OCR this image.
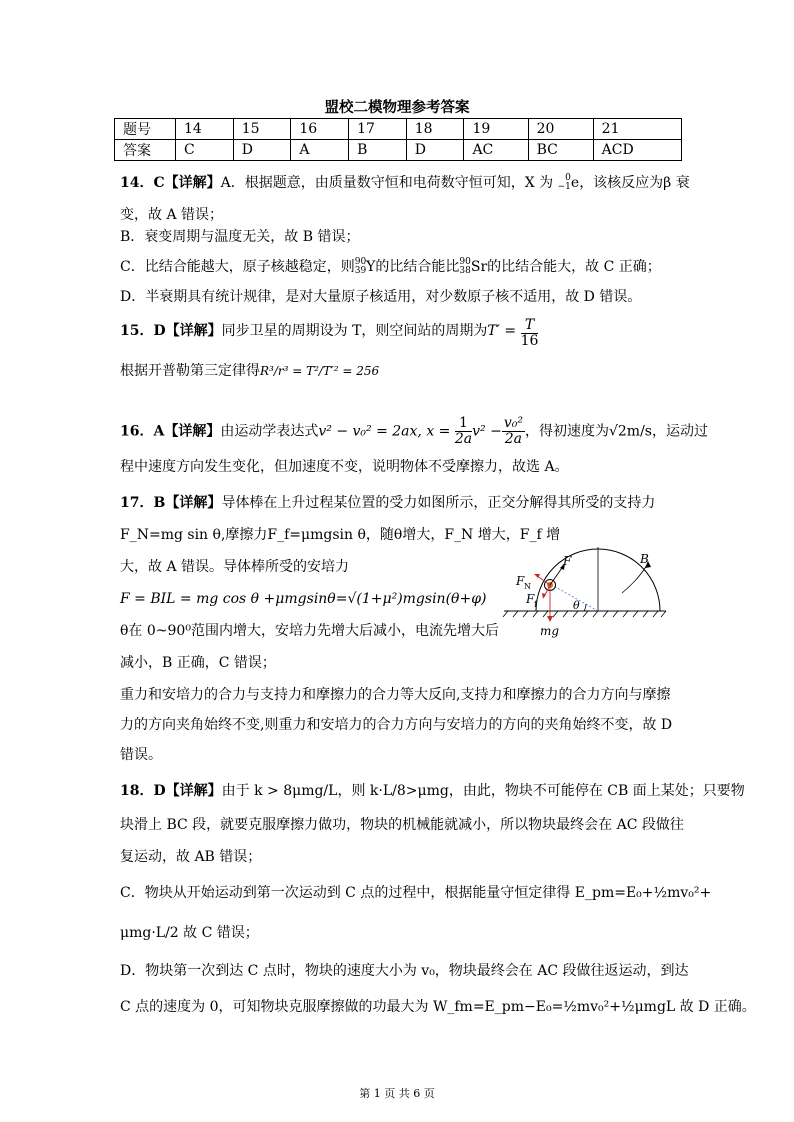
盟校二模物理参考答案
题号	14	15	16	17	18	19	20	21
答案	C	D	A	B	D	AC	BC	ACD
14．C【详解】A．根据题意，由质量数守恒和电荷数守恒可知，X 为	0
−1 e，该核反应为β 衰
变，故 A 错误；
B．衰变周期与温度无关，故 B 错误；
C．比结合能越大，原子核越稳定，则 90
39 Y的比结合能比 90
38 Sr的比结合能大，故 C 正确；
D．半衰期具有统计规律，是对大量原子核适用，对少数原子核不适用，故 D 错误。
15．D【详解】同步卫星的周期设为 T，则空间站的周期为$T' = \frac{T}{16}$
根据开普勒第三定律得R³/r³ = T²/T′² = 256
16．A【详解】由运动学表达式v² − v₀² = 2ax, $x = \frac{1}{2a} v^2 - \frac{\text{v₀²}}{2a}$ ，得初速度为√2m/s，运动过
程中速度方向发生变化，但加速度不变，说明物体不受摩擦力，故选 A。
17．B【详解】导体棒在上升过程某位置的受力如图所示，正交分解得其所受的支持力
F_N=mg sin θ,摩擦力F_f=μmgsin θ，随θ增大，F_N 增大，F_f 增
大，故 A 错误。导体棒所受的安培力
F = BIL = mg cos θ +μmgsinθ=√(1+μ²)mgsin(θ+φ)
θ在 0~90⁰范围内增大，安培力先增大后减小，电流先增大后
减小，B 正确，C 错误；
重力和安培力的合力与支持力和摩擦力的合力等大反向,支持力和摩擦力的合力方向与摩擦
力的方向夹角始终不变,则重力和安培力的合力方向与安培力的方向的夹角始终不变，故 D
错误。
F	B
F N
F f	θ
mg
18．D【详解】由于 k > 8μmg/L，则 k·L/8>μmg，由此，物块不可能停在 CB 面上某处；只要物
块滑上 BC 段，就要克服摩擦力做功，物块的机械能就减小，所以物块最终会在 AC 段做往
复运动，故 AB 错误；
C．物块从开始运动到第一次运动到 C 点的过程中，根据能量守恒定律得 E_pm=E₀+½mv₀²+
μmg·L/2 故 C 错误；
D．物块第一次到达 C 点时，物块的速度大小为 v₀，物块最终会在 AC 段做往返运动，到达
C 点的速度为 0，可知物块克服摩擦做的功最大为 W_fm=E_pm−E₀=½mv₀²+½μmgL 故 D 正确。
第 1 页 共 6 页
